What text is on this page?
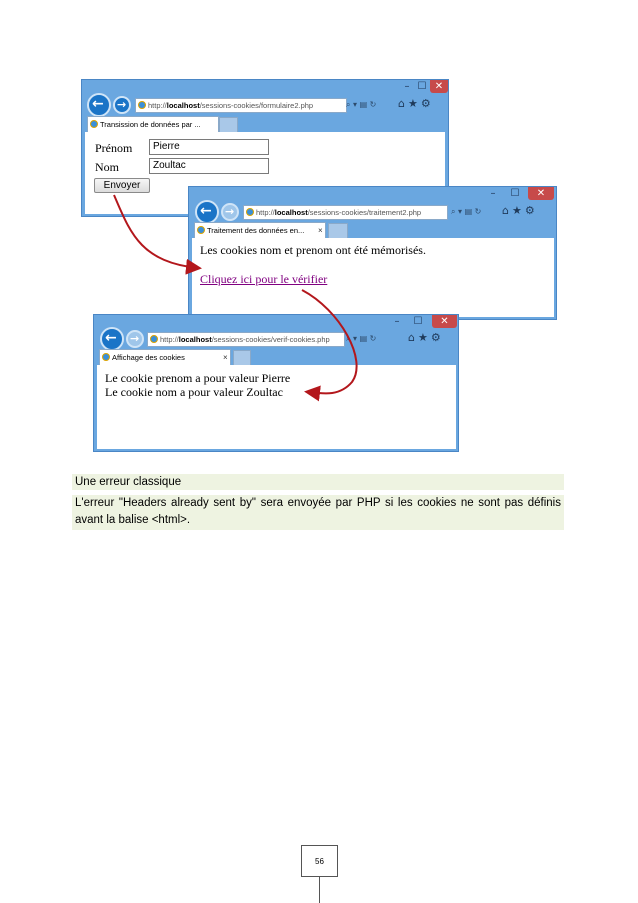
– ☐ ✕
← →	http://localhost/sessions-cookies/formulaire2.php	⌕ ▾ ▤ ↻ ⌂★⚙
Transission de données par ...
Prénom	Pierre
Nom	Zoultac
Envoyer
–	☐	✕
← →	http://localhost/sessions-cookies/traitement2.php	⌕ ▾ ▤ ↻ ⌂★⚙
Traitement des données en... ×
Les cookies nom et prenom ont été mémorisés.
Cliquez ici pour le vérifier
–	☐	✕
← →	http://localhost/sessions-cookies/verif-cookies.php	⌕ ▾ ▤ ↻	⌂★⚙
Affichage des cookies	×
Le cookie prenom a pour valeur Pierre
Le cookie nom a pour valeur Zoultac
Une erreur classique
L'erreur "Headers already sent by" sera envoyée par PHP si les cookies ne sont pas définis avant la balise <html>.
56
